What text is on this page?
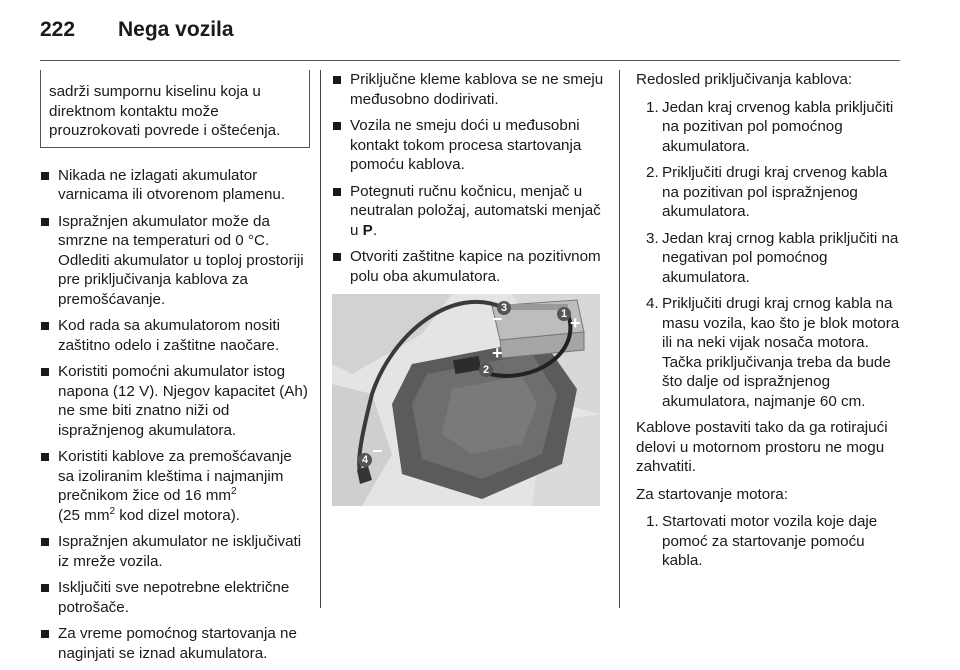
222 Nega vozila

sadrži sumpornu kiselinu koja u direktnom kontaktu može prouzrokovati povrede i oštećenja.

Nikada ne izlagati akumulator varnicama ili otvorenom plamenu.
Ispražnjen akumulator može da smrzne na temperaturi od 0 °C. Odlediti akumulator u toploj prostoriji pre priključivanja kablova za premošćavanje.
Kod rada sa akumulatorom nositi zaštitno odelo i zaštitne naočare.
Koristiti pomoćni akumulator istog napona (12 V). Njegov kapacitet (Ah) ne sme biti znatno niži od ispražnjenog akumulatora.
Koristiti kablove za premošćavanje sa izoliranim kleštima i najmanjim prečnikom žice od 16 $mm^2$
(25 $mm^2$ kod dizel motora).
Ispražnjen akumulator ne isključivati iz mreže vozila.
Isključiti sve nepotrebne električne potrošače.
Za vreme pomoćnog startovanja ne naginjati se iznad akumulatora.
Priključne kleme kablova se ne smeju međusobno dodirivati.
Vozila ne smeju doći u međusobni kontakt tokom procesa startovanja pomoću kablova.
Potegnuti ručnu kočnicu, menjač u neutralan položaj, automatski menjač u P.
Otvoriti zaštitne kapice na pozitivnom polu oba akumulatora.
3	1
2
4
−	+
+
−

Redosled priključivanja kablova:

1. Jedan kraj crvenog kabla priključiti na pozitivan pol pomoćnog akumulatora.
2. Priključiti drugi kraj crvenog kabla na pozitivan pol ispražnjenog akumulatora.
3. Jedan kraj crnog kabla priključiti na negativan pol pomoćnog akumulatora.
4. Priključiti drugi kraj crnog kabla na masu vozila, kao što je blok motora ili na neki vijak nosača motora. Tačka priključivanja treba da bude što dalje od ispražnjenog akumulatora, najmanje 60 cm.

Kablove postaviti tako da ga rotirajući delovi u motornom prostoru ne mogu zahvatiti.

Za startovanje motora:

1. Startovati motor vozila koje daje pomoć za startovanje pomoću kabla.
